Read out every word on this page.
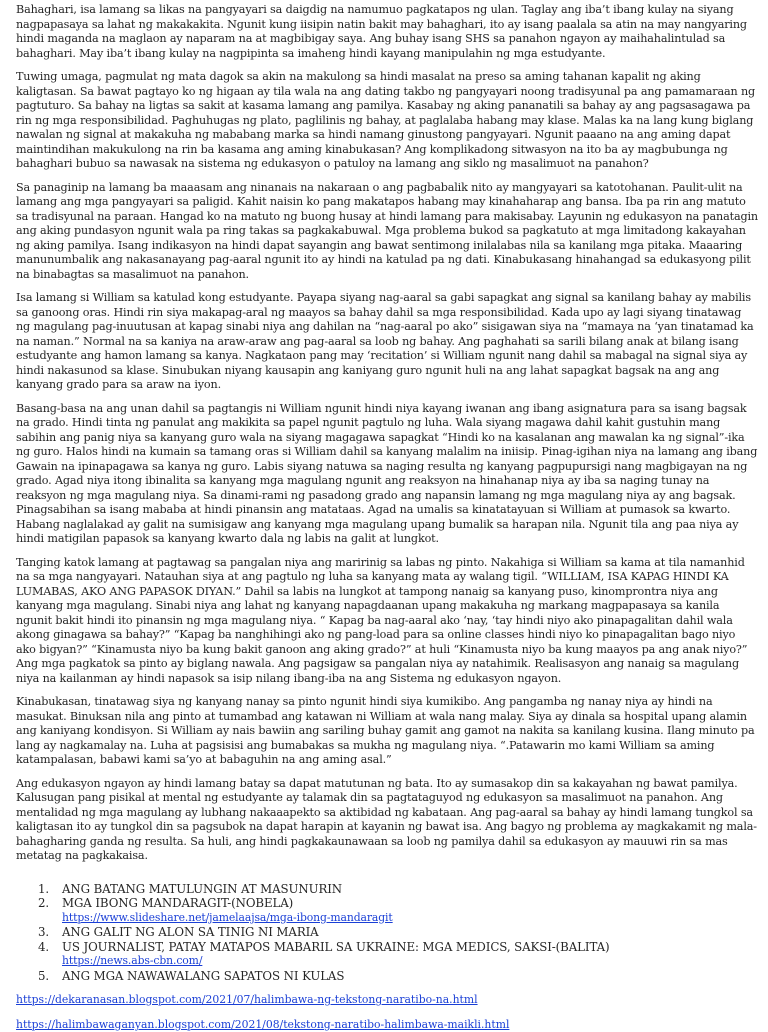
Bahaghari, isa lamang sa likas na pangyayari sa daigdig na namumuo pagkatapos ng ulan. Taglay ang iba’t ibang kulay na siyang nagpapasaya sa lahat ng makakakita. Ngunit kung iisipin natin bakit may bahaghari, ito ay isang paalala sa atin na may nangyaring hindi maganda na maglaon ay naparam na at magbibigay saya. Ang buhay isang SHS sa panahon ngayon ay maihahalintulad sa bahaghari. May iba’t ibang kulay na nagpipinta sa imaheng hindi kayang manipulahin ng mga estudyante.

Tuwing umaga, pagmulat ng mata dagok sa akin na makulong sa hindi masalat na preso sa aming tahanan kapalit ng aking kaligtasan. Sa bawat pagtayo ko ng higaan ay tila wala na ang dating takbo ng pangyayari noong tradisyunal pa ang pamamaraan ng pagtuturo. Sa bahay na ligtas sa sakit at kasama lamang ang pamilya. Kasabay ng aking pananatili sa bahay ay ang pagsasagawa pa rin ng mga responsibilidad. Paghuhugas ng plato, paglilinis ng bahay, at paglalaba habang may klase. Malas ka na lang kung biglang nawalan ng signal at makakuha ng mababang marka sa hindi namang ginustong pangyayari. Ngunit paaano na ang aming dapat maintindihan makukulong na rin ba kasama ang aming kinabukasan? Ang komplikadong sitwasyon na ito ba ay magbubunga ng bahaghari bubuo sa nawasak na sistema ng edukasyon o patuloy na lamang ang siklo ng masalimuot na panahon?

Sa panaginip na lamang ba maaasam ang ninanais na nakaraan o ang pagbabalik nito ay mangyayari sa katotohanan. Paulit-ulit na lamang ang mga pangyayari sa paligid. Kahit naisin ko pang makatapos habang may kinahaharap ang bansa. Iba pa rin ang matuto sa tradisyunal na paraan. Hangad ko na matuto ng buong husay at hindi lamang para makisabay. Layunin ng edukasyon na panatagin ang aking pundasyon ngunit wala pa ring takas sa pagkakabuwal. Mga problema bukod sa pagkatuto at mga limitadong kakayahan ng aking pamilya. Isang indikasyon na hindi dapat sayangin ang bawat sentimong inilalabas nila sa kanilang mga pitaka. Maaaring manunumbalik ang nakasanayang pag-aaral ngunit ito ay hindi na katulad pa ng dati. Kinabukasang hinahangad sa edukasyong pilit na binabagtas sa masalimuot na panahon.

Isa lamang si William sa katulad kong estudyante. Payapa siyang nag-aaral sa gabi sapagkat ang signal sa kanilang bahay ay mabilis sa ganoong oras. Hindi rin siya makapag-aral ng maayos sa bahay dahil sa mga responsibilidad. Kada upo ay lagi siyang tinatawag ng magulang pag-inuutusan at kapag sinabi niya ang dahilan na “nag-aaral po ako” sisigawan siya na “mamaya na ‘yan tinatamad ka na naman.” Normal na sa kaniya na araw-araw ang pag-aaral sa loob ng bahay. Ang paghahati sa sarili bilang anak at bilang isang estudyante ang hamon lamang sa kanya. Nagkataon pang may ‘recitation’ si William ngunit nang dahil sa mabagal na signal siya ay hindi nakasunod sa klase. Sinubukan niyang kausapin ang kaniyang guro ngunit huli na ang lahat sapagkat bagsak na ang ang kanyang grado para sa araw na iyon.

Basang-basa na ang unan dahil sa pagtangis ni William ngunit hindi niya kayang iwanan ang ibang asignatura para sa isang bagsak na grado. Hindi tinta ng panulat ang makikita sa papel ngunit pagtulo ng luha. Wala siyang magawa dahil kahit gustuhin mang sabihin ang panig niya sa kanyang guro wala na siyang magagawa sapagkat “Hindi ko na kasalanan ang mawalan ka ng signal”-ika ng guro. Halos hindi na kumain sa tamang oras si William dahil sa kanyang malalim na iniisip. Pinag-igihan niya na lamang ang ibang Gawain na ipinapagawa sa kanya ng guro. Labis siyang natuwa sa naging resulta ng kanyang pagpupursigi nang magbigayan na ng grado. Agad niya itong ibinalita sa kanyang mga magulang ngunit ang reaksyon na hinahanap niya ay iba sa naging tunay na reaksyon ng mga magulang niya. Sa dinami-rami ng pasadong grado ang napansin lamang ng mga magulang niya ay ang bagsak. Pinagsabihan sa isang mababa at hindi pinansin ang matataas. Agad na umalis sa kinatatayuan si William at pumasok sa kwarto. Habang naglalakad ay galit na sumisigaw ang kanyang mga magulang upang bumalik sa harapan nila. Ngunit tila ang paa niya ay hindi matigilan papasok sa kanyang kwarto dala ng labis na galit at lungkot.

Tanging katok lamang at pagtawag sa pangalan niya ang maririnig sa labas ng pinto. Nakahiga si William sa kama at tila namanhid na sa mga nangyayari. Natauhan siya at ang pagtulo ng luha sa kanyang mata ay walang tigil. “WILLIAM, ISA KAPAG HINDI KA LUMABAS, AKO ANG PAPASOK DIYAN.” Dahil sa labis na lungkot at tampong nanaig sa kanyang puso, kinomprontra niya ang kanyang mga magulang. Sinabi niya ang lahat ng kanyang napagdaanan upang makakuha ng markang magpapasaya sa kanila ngunit bakit hindi ito pinansin ng mga magulang niya. “ Kapag ba nag-aaral ako ‘nay, ‘tay hindi niyo ako pinapagalitan dahil wala akong ginagawa sa bahay?” “Kapag ba nanghihingi ako ng pang-load para sa online classes hindi niyo ko pinapagalitan bago niyo ako bigyan?” “Kinamusta niyo ba kung bakit ganoon ang aking grado?” at huli “Kinamusta niyo ba kung maayos pa ang anak niyo?” Ang mga pagkatok sa pinto ay biglang nawala. Ang pagsigaw sa pangalan niya ay natahimik. Realisasyon ang nanaig sa magulang niya na kailanman ay hindi napasok sa isip nilang ibang-iba na ang Sistema ng edukasyon ngayon.

Kinabukasan, tinatawag siya ng kanyang nanay sa pinto ngunit hindi siya kumikibo. Ang pangamba ng nanay niya ay hindi na masukat. Binuksan nila ang pinto at tumambad ang katawan ni William at wala nang malay. Siya ay dinala sa hospital upang alamin ang kaniyang kondisyon. Si William ay nais bawiin ang sariling buhay gamit ang gamot na nakita sa kanilang kusina. Ilang minuto pa lang ay nagkamalay na. Luha at pagsisisi ang bumabakas sa mukha ng magulang niya. “.Patawarin mo kami William sa aming katampalasan, babawi kami sa’yo at babaguhin na ang aming asal.”

Ang edukasyon ngayon ay hindi lamang batay sa dapat matutunan ng bata. Ito ay sumasakop din sa kakayahan ng bawat pamilya. Kalusugan pang pisikal at mental ng estudyante ay talamak din sa pagtataguyod ng edukasyon sa masalimuot na panahon. Ang mentalidad ng mga magulang ay lubhang nakaaapekto sa aktibidad ng kabataan. Ang pag-aaral sa bahay ay hindi lamang tungkol sa kaligtasan ito ay tungkol din sa pagsubok na dapat harapin at kayanin ng bawat isa. Ang bagyo ng problema ay magkakamit ng mala-bahagharing ganda ng resulta. Sa huli, ang hindi pagkakaunawaan sa loob ng pamilya dahil sa edukasyon ay mauuwi rin sa mas metatag na pagkakaisa.

1. ANG BATANG MATULUNGIN AT MASUNURIN
2. MGA IBONG MANDARAGIT-(NOBELA)
https://www.slideshare.net/jamelaajsa/mga-ibong-mandaragit
3. ANG GALIT NG ALON SA TINIG NI MARIA
4. US JOURNALIST, PATAY MATAPOS MABARIL SA UKRAINE: MGA MEDICS, SAKSI-(BALITA)
https://news.abs-cbn.com/
5. ANG MGA NAWAWALANG SAPATOS NI KULAS
https://dekaranasan.blogspot.com/2021/07/halimbawa-ng-tekstong-naratibo-na.html
https://halimbawaganyan.blogspot.com/2021/08/tekstong-naratibo-halimbawa-maikli.html
